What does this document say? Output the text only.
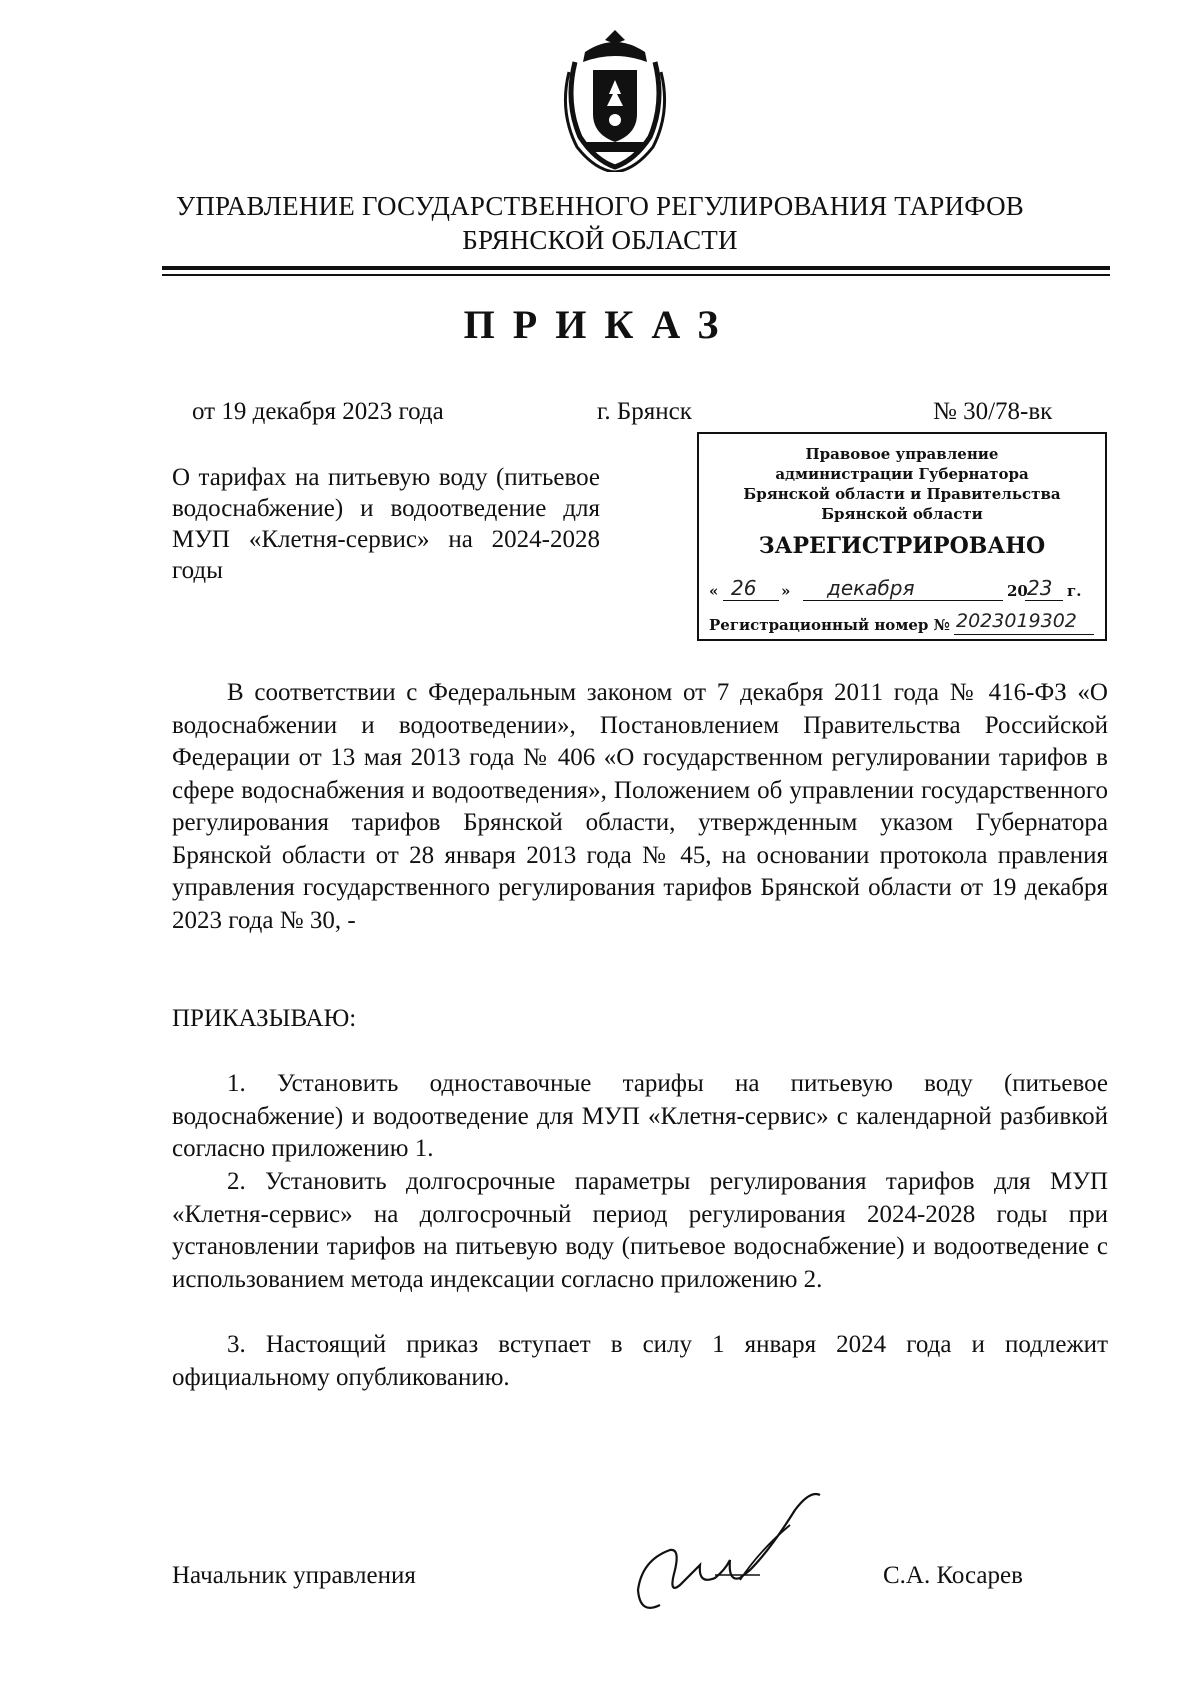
УПРАВЛЕНИЕ ГОСУДАРСТВЕННОГО РЕГУЛИРОВАНИЯ ТАРИФОВ
БРЯНСКОЙ ОБЛАСТИ
ПРИКАЗ
от 19 декабря 2023 года	г. Брянск	№ 30/78-вк
О тарифах на питьевую воду (питьевое водоснабжение) и водоотведение для МУП «Клетня-сервис» на 2024-2028 годы
Правовое управление
администрации Губернатора
Брянской области и Правительства
Брянской области
ЗАРЕГИСТРИРОВАНО
« 26 » декабря	20 23 г.
Регистрационный номер № 2023019302
В соответствии с Федеральным законом от 7 декабря 2011 года № 416-ФЗ «О водоснабжении и водоотведении», Постановлением Правительства Российской Федерации от 13 мая 2013 года № 406 «О государственном регулировании тарифов в сфере водоснабжения и водоотведения», Положением об управлении государственного регулирования тарифов Брянской области, утвержденным указом Губернатора Брянской области от 28 января 2013 года № 45, на основании протокола правления управления государственного регулирования тарифов Брянской области от 19 декабря 2023 года № 30, -
ПРИКАЗЫВАЮ:
1. Установить одноставочные тарифы на питьевую воду (питьевое водоснабжение) и водоотведение для МУП «Клетня-сервис» с календарной разбивкой согласно приложению 1.
2. Установить долгосрочные параметры регулирования тарифов для МУП «Клетня-сервис» на долгосрочный период регулирования 2024-2028 годы при установлении тарифов на питьевую воду (питьевое водоснабжение) и водоотведение с использованием метода индексации согласно приложению 2.
3. Настоящий приказ вступает в силу 1 января 2024 года и подлежит официальному опубликованию.
Начальник управления	С.А. Косарев
